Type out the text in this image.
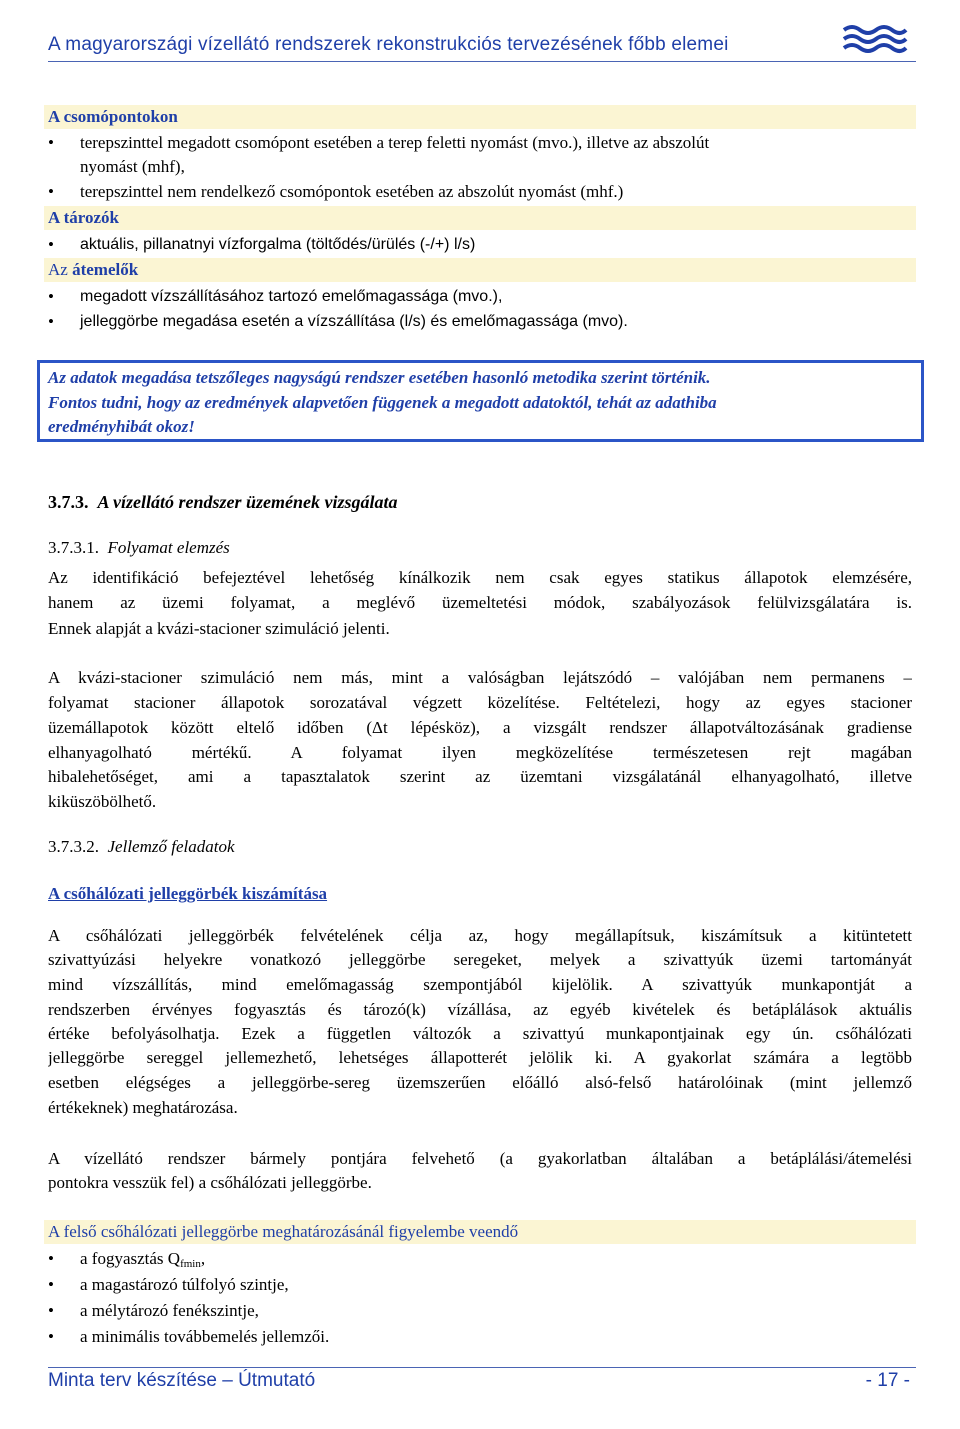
A magyarországi vízellátó rendszerek rekonstrukciós tervezésének főbb elemei
A csomópontokon
• terepszinttel megadott csomópont esetében a terep feletti nyomást (mvo.), illetve az abszolút
nyomást (mhf),
• terepszinttel nem rendelkező csomópontok esetében az abszolút nyomást (mhf.)
A tározók
• aktuális, pillanatnyi vízforgalma (töltődés/ürülés (-/+) l/s)
Az átemelők
• megadott vízszállításához tartozó emelőmagassága (mvo.),
• jelleggörbe megadása esetén a vízszállítása (l/s) és emelőmagassága (mvo).
Az adatok megadása tetszőleges nagyságú rendszer esetében hasonló metodika szerint történik.
Fontos tudni, hogy az eredmények alapvetően függenek a megadott adatoktól, tehát az adathiba
eredményhibát okoz!
3.7.3. A vízellátó rendszer üzemének vizsgálata
3.7.3.1. Folyamat elemzés
Az identifikáció befejeztével lehetőség kínálkozik nem csak egyes statikus állapotok elemzésére,
hanem az üzemi folyamat, a meglévő üzemeltetési módok, szabályozások felülvizsgálatára is.
Ennek alapját a kvázi-stacioner szimuláció jelenti.
A kvázi-stacioner szimuláció nem más, mint a valóságban lejátszódó – valójában nem permanens –
folyamat stacioner állapotok sorozatával végzett közelítése. Feltételezi, hogy az egyes stacioner
üzemállapotok között eltelő időben (Δt lépésköz), a vizsgált rendszer állapotváltozásának gradiense
elhanyagolható mértékű. A folyamat ilyen megközelítése természetesen rejt magában
hibalehetőséget, ami a tapasztalatok szerint az üzemtani vizsgálatánál elhanyagolható, illetve
kiküszöbölhető.
3.7.3.2. Jellemző feladatok
A csőhálózati jelleggörbék kiszámítása
A csőhálózati jelleggörbék felvételének célja az, hogy megállapítsuk, kiszámítsuk a kitüntetett
szivattyúzási helyekre vonatkozó jelleggörbe seregeket, melyek a szivattyúk üzemi tartományát
mind vízszállítás, mind emelőmagasság szempontjából kijelölik. A szivattyúk munkapontját a
rendszerben érvényes fogyasztás és tározó(k) vízállása, az egyéb kivételek és betáplálások aktuális
értéke befolyásolhatja. Ezek a független változók a szivattyú munkapontjainak egy ún. csőhálózati
jelleggörbe sereggel jellemezhető, lehetséges állapotterét jelölik ki. A gyakorlat számára a legtöbb
esetben elégséges a jelleggörbe-sereg üzemszerűen előálló alsó-felső határolóinak (mint jellemző
értékeknek) meghatározása.
A vízellátó rendszer bármely pontjára felvehető (a gyakorlatban általában a betáplálási/átemelési
pontokra vesszük fel) a csőhálózati jelleggörbe.
A felső csőhálózati jelleggörbe meghatározásánál figyelembe veendő
• a fogyasztás $Q_{fmin}$,
• a magastározó túlfolyó szintje,
• a mélytározó fenékszintje,
• a minimális továbbemelés jellemzői.
Minta terv készítése – Útmutató	- 17 -
